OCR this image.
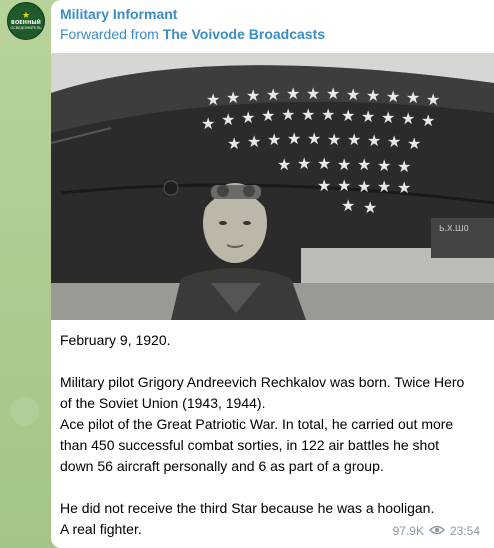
★
ВОЕННЫЙ
ОСВЕДОМИТЕЛЬ
Military Informant
Forwarded from The Voivode Broadcasts
Ь.Х.Ш0
★ ★ ★ ★ ★ ★ ★ ★ ★ ★ ★ ★
★ ★ ★ ★ ★ ★ ★ ★ ★ ★ ★ ★
★ ★ ★ ★ ★ ★ ★ ★ ★ ★
★ ★ ★ ★ ★ ★ ★
★ ★ ★ ★ ★
★ ★

February 9, 1920.

Military pilot Grigory Andreevich Rechkalov was born. Twice Hero

of the Soviet Union (1943, 1944).

Ace pilot of the Great Patriotic War. In total, he carried out more

than 450 successful combat sorties, in 122 air battles he shot

down 56 aircraft personally and 6 as part of a group.

He did not receive the third Star because he was a hooligan.

A real fighter.	97.9K 23:54
